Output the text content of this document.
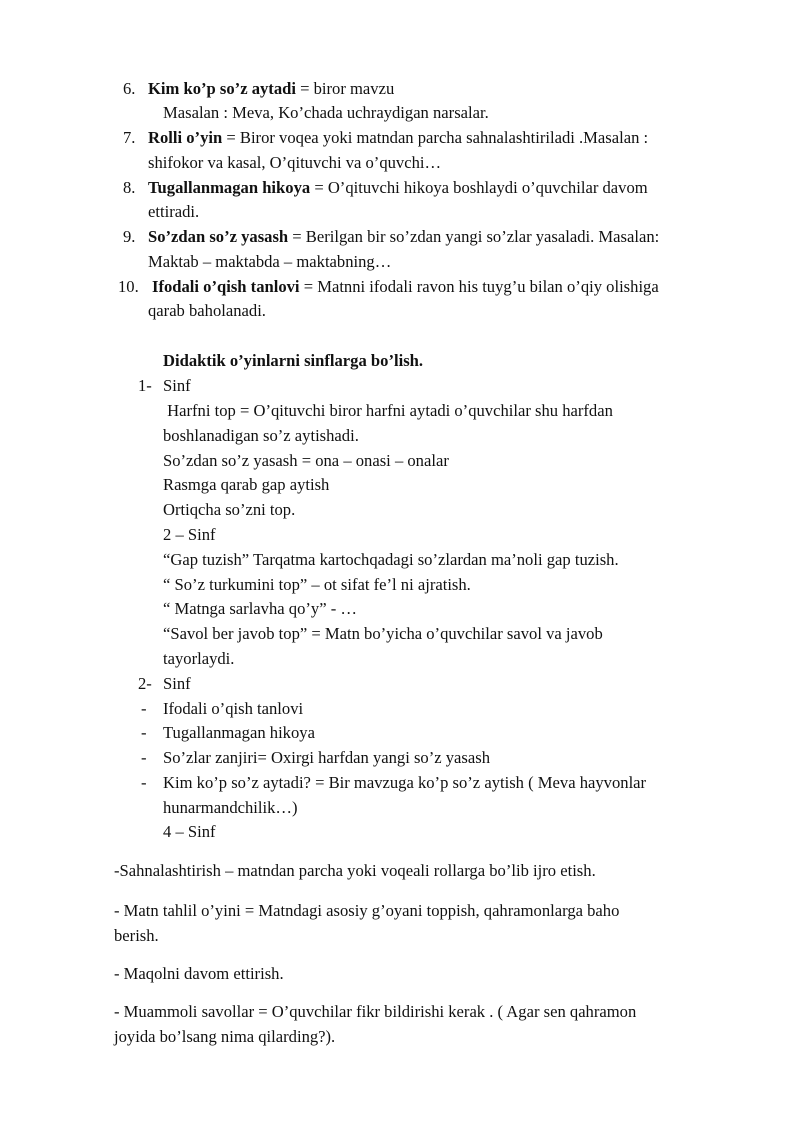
6. Kim ko’p so’z aytadi = biror mavzu
Masalan : Meva, Ko’chada uchraydigan narsalar.
7. Rolli o’yin = Biror voqea yoki matndan parcha sahnalashtiriladi .Masalan :
shifokor va kasal, O’qituvchi va o’quvchi…
8. Tugallanmagan hikoya = O’qituvchi hikoya boshlaydi o’quvchilar davom
ettiradi.
9. So’zdan so’z yasash = Berilgan bir so’zdan yangi so’zlar yasaladi. Masalan:
Maktab – maktabda – maktabning…
10. Ifodali o’qish tanlovi = Matnni ifodali ravon his tuyg’u bilan o’qiy olishiga
qarab baholanadi.
Didaktik o’yinlarni sinflarga bo’lish.
1- Sinf
Harfni top = O’qituvchi biror harfni aytadi o’quvchilar shu harfdan
boshlanadigan so’z aytishadi.
So’zdan so’z yasash = ona – onasi – onalar
Rasmga qarab gap aytish
Ortiqcha so’zni top.
2 – Sinf
“Gap tuzish” Tarqatma kartochqadagi so’zlardan ma’noli gap tuzish.
“ So’z turkumini top” – ot sifat fe’l ni ajratish.
“ Matnga sarlavha qo’y” - …
“Savol ber javob top” = Matn bo’yicha o’quvchilar savol va javob
tayorlaydi.
2- Sinf
- Ifodali o’qish tanlovi
- Tugallanmagan hikoya
- So’zlar zanjiri= Oxirgi harfdan yangi so’z yasash
- Kim ko’p so’z aytadi? = Bir mavzuga ko’p so’z aytish ( Meva hayvonlar
hunarmandchilik…)
4 – Sinf
-Sahnalashtirish – matndan parcha yoki voqeali rollarga bo’lib ijro etish.
- Matn tahlil o’yini = Matndagi asosiy g’oyani toppish, qahramonlarga baho
berish.
- Maqolni davom ettirish.
- Muammoli savollar = O’quvchilar fikr bildirishi kerak . ( Agar sen qahramon
joyida bo’lsang nima qilarding?).
